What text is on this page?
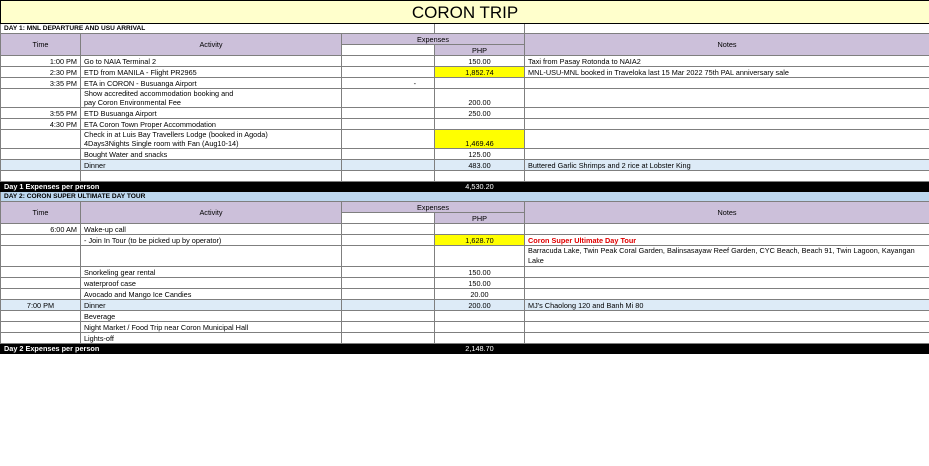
CORON TRIP				
DAY 1: MNL DEPARTURE AND USU ARRIVAL				
Time	Activity	Expenses		Notes
			PHP	
1:00 PM	Go to NAIA Terminal 2		150.00	Taxi from Pasay Rotonda to NAIA2
2:30 PM	ETD from MANILA - Flight PR2965		1,852.74	MNL-USU-MNL booked in Traveloka last 15 Mar 2022 75th PAL anniversary sale
3:35 PM	ETA in CORON - Busuanga Airport	-		

	Show accredited accommodation booking and
pay Coron Environmental Fee		200.00	
3:55 PM	ETD Busuanga Airport		250.00	
4:30 PM	ETA Coron Town Proper Accommodation			

	Check in at Luis Bay Travellers Lodge (booked in Agoda)
4Days3Nights Single room with Fan (Aug10-14)		1,469.46	
	Bought Water and snacks		125.00	
	Dinner		483.00	Buttered Garlic Shrimps and 2 rice at Lobster King

Day 1 Expenses per person			4,530.20	
DAY 2: CORON SUPER ULTIMATE DAY TOUR				
Time	Activity	Expenses		Notes
			PHP	
6:00 AM	Wake-up call			
	- Join In Tour (to be picked up by operator)		1,628.70	Coron Super Ultimate Day Tour
				Barracuda Lake, Twin Peak Coral Garden, Balinsasayaw Reef Garden, CYC Beach, Beach 91, Twin Lagoon, Kayangan Lake
	Snorkeling gear rental		150.00	
	waterproof case		150.00	
	Avocado and Mango Ice Candies		20.00	
7:00 PM	Dinner		200.00	MJ's Chaolong 120 and Banh Mi 80
	Beverage			
	Night Market / Food Trip near Coron Municipal Hall			
	Lights-off			
Day 2 Expenses per person			2,148.70	
